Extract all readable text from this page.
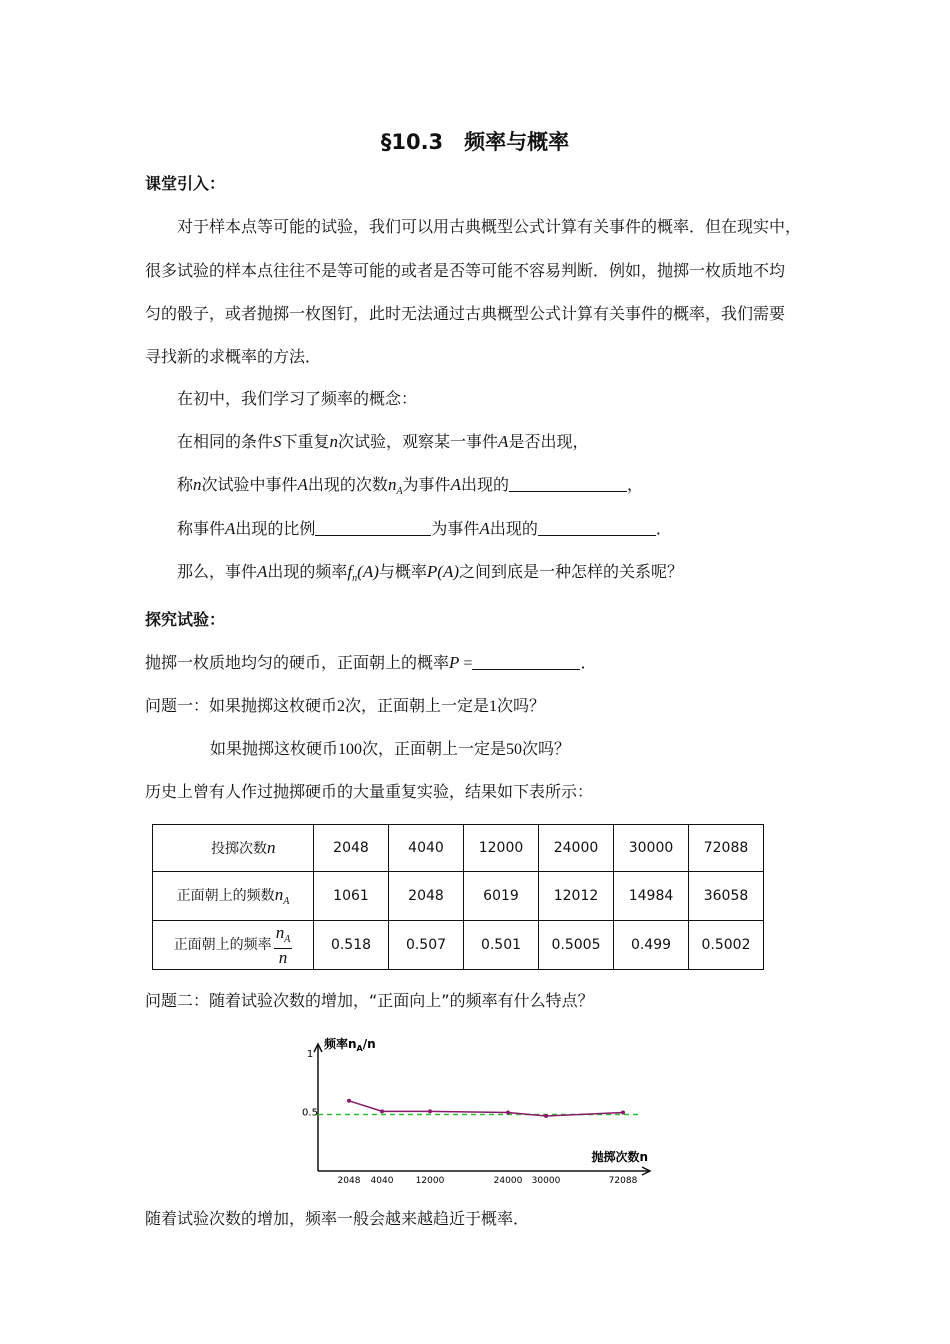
§10.3　频率与概率
课堂引入：
对于样本点等可能的试验，我们可以用古典概型公式计算有关事件的概率．但在现实中，
很多试验的样本点往往不是等可能的或者是否等可能不容易判断．例如，抛掷一枚质地不均
匀的骰子，或者抛掷一枚图钉，此时无法通过古典概型公式计算有关事件的概率，我们需要
寻找新的求概率的方法．
在初中，我们学习了频率的概念：
在相同的条件S下重复n次试验，观察某一事件A是否出现，
称n次试验中事件A出现的次数$n_A$为事件A出现的	，
称事件A出现的比例	为事件A出现的	．
那么，事件A出现的频率$f_n(A)$与概率P(A)之间到底是一种怎样的关系呢？
探究试验：
抛掷一枚质地均匀的硬币，正面朝上的概率P =	．
问题一：如果抛掷这枚硬币2次，正面朝上一定是1次吗？
如果抛掷这枚硬币100次，正面朝上一定是50次吗？
历史上曾有人作过抛掷硬币的大量重复实验，结果如下表所示：
投掷次数n	2048	4040	12000	24000	30000	72088
正面朝上的频数$n_A$	1061	2048	6019	12012	14984	36058
正面朝上的频率 $\frac{n_A}{n}$	0.518	0.507	0.501	0.5005	0.499	0.5002
问题二：随着试验次数的增加，“正面向上”的频率有什么特点？
频率$n_A/n$
1
0.5
2048 4040 12000	24000 30000	72088
抛掷次数n
随着试验次数的增加，频率一般会越来越趋近于概率．
